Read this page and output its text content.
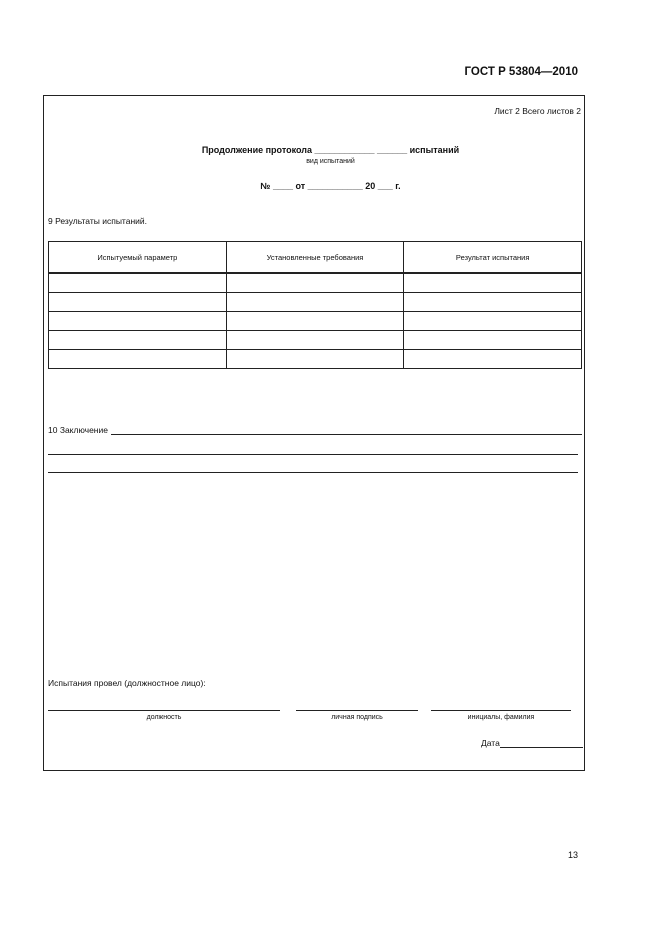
ГОСТ Р 53804—2010
Лист 2 Всего листов 2
Продолжение протокола ____________ ______ испытаний
вид испытаний
№ ____ от ___________ 20 ___ г.
9 Результаты испытаний.
Испытуемый параметр	Установленные требования	Результат испытания

10 Заключение
Испытания провел (должностное лицо):
должность	личная подпись	инициалы, фамилия
Дата
13
